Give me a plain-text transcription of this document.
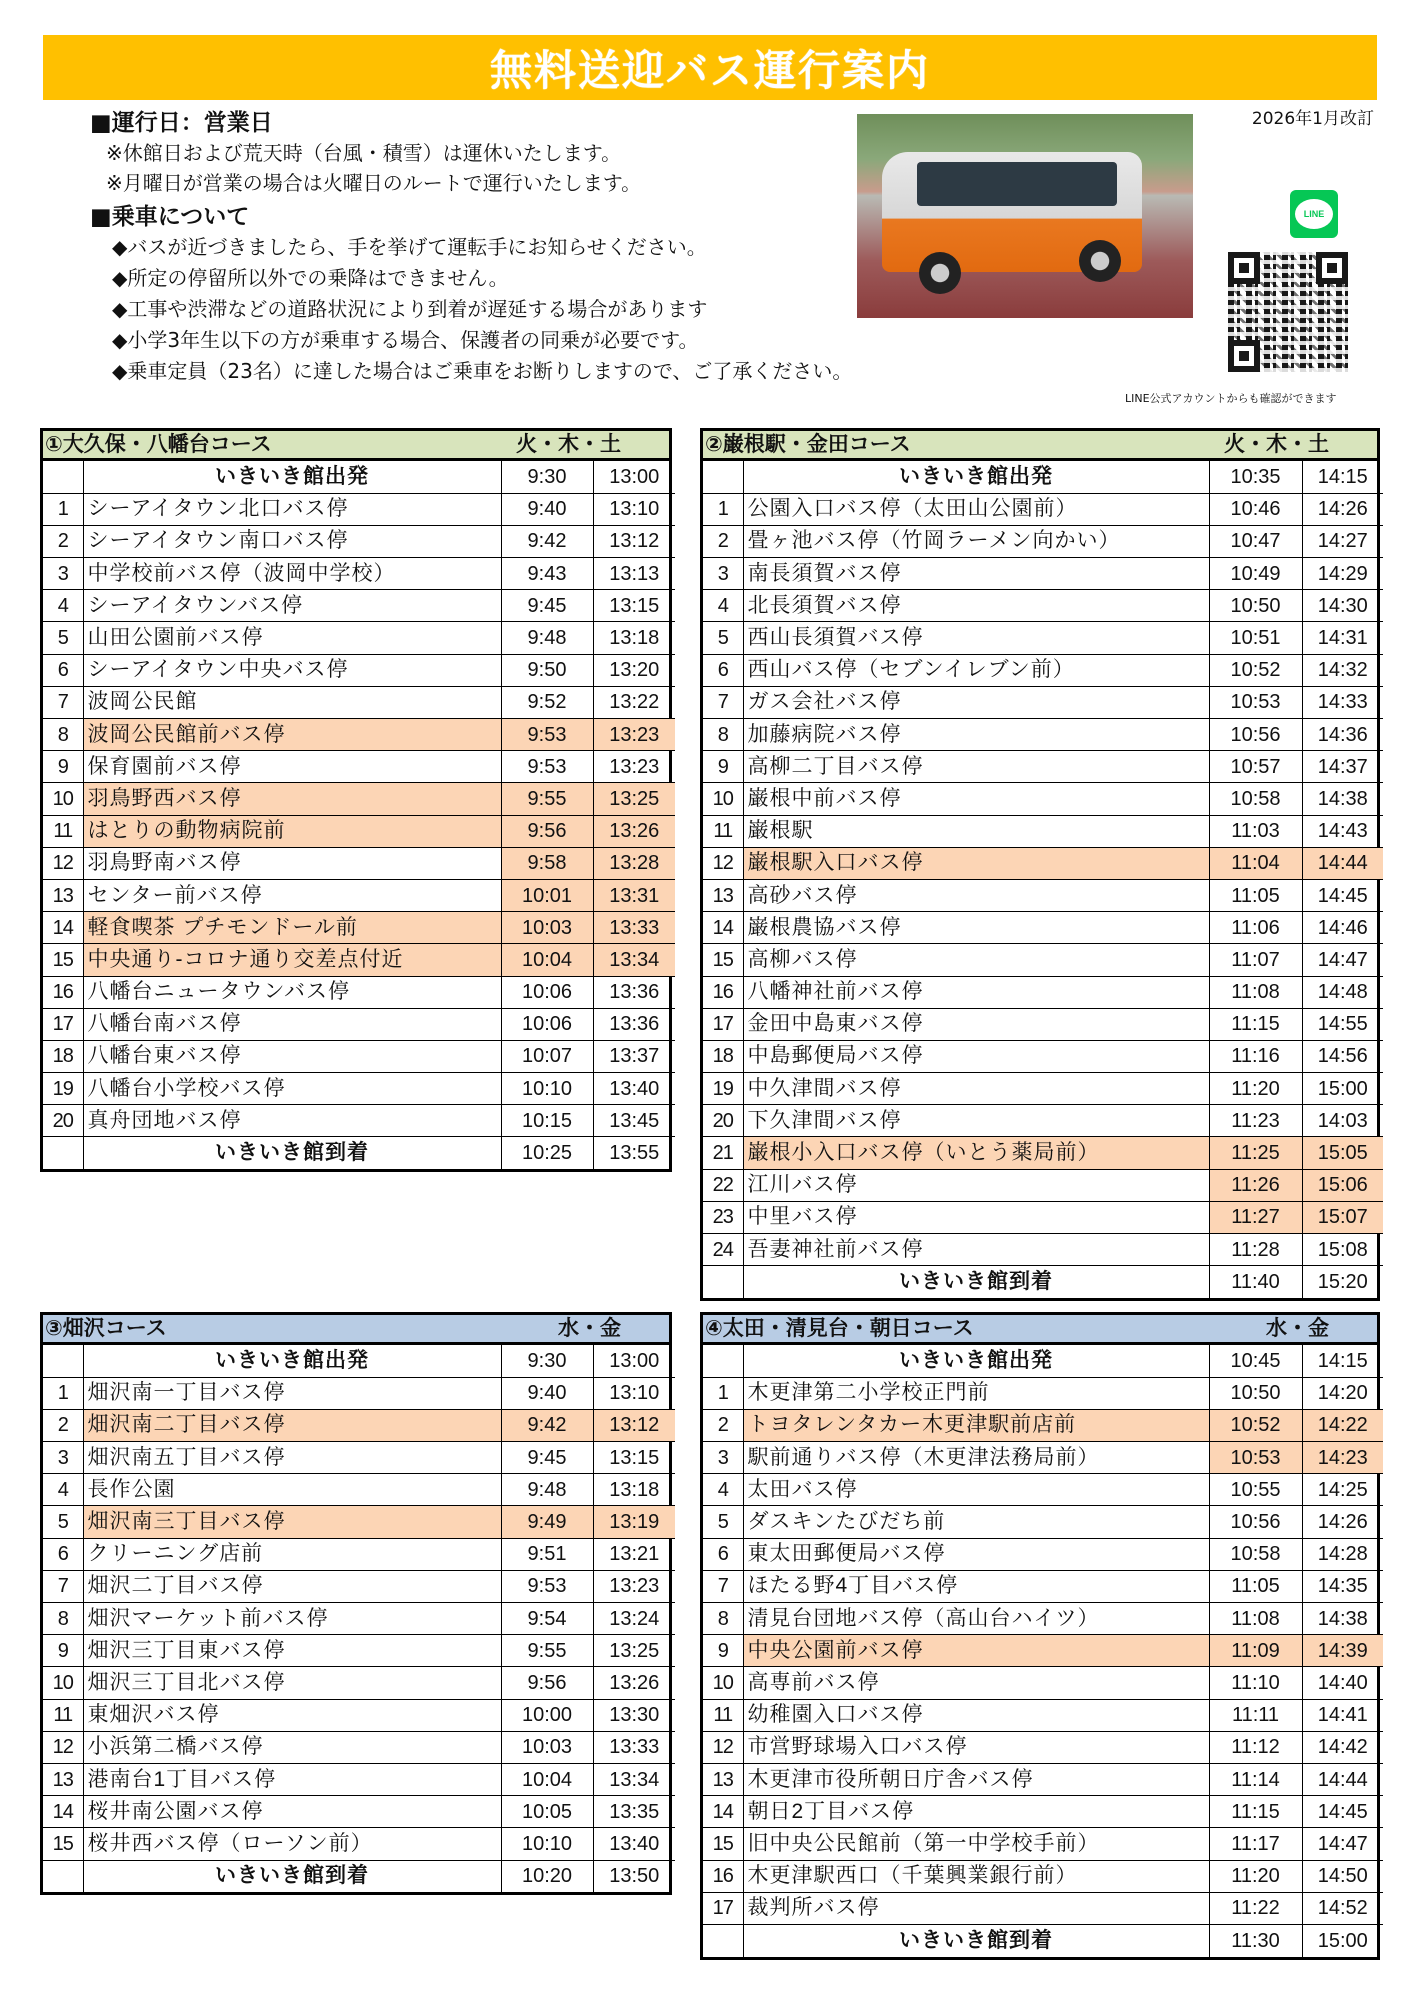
無料送迎バス運行案内
2026年1月改訂
■運行日：営業日
※休館日および荒天時（台風・積雪）は運休いたします。
※月曜日が営業の場合は火曜日のルートで運行いたします。
■乗車について
◆バスが近づきましたら、手を挙げて運転手にお知らせください。
◆所定の停留所以外での乗降はできません。
◆工事や渋滞などの道路状況により到着が遅延する場合があります
◆小学3年生以下の方が乗車する場合、保護者の同乗が必要です。
◆乗車定員（23名）に達した場合はご乗車をお断りしますので、ご了承ください。
LINE
LINE公式アカウントからも確認ができます
①大久保・八幡台コース	火・木・土
	いきいき館出発	9:30	13:00
1	シーアイタウン北口バス停	9:40	13:10
2	シーアイタウン南口バス停	9:42	13:12
3	中学校前バス停（波岡中学校）	9:43	13:13
4	シーアイタウンバス停	9:45	13:15
5	山田公園前バス停	9:48	13:18
6	シーアイタウン中央バス停	9:50	13:20
7	波岡公民館	9:52	13:22
8	波岡公民館前バス停	9:53	13:23
9	保育園前バス停	9:53	13:23
10	羽鳥野西バス停	9:55	13:25
11	はとりの動物病院前	9:56	13:26
12	羽鳥野南バス停	9:58	13:28
13	センター前バス停	10:01	13:31
14	軽食喫茶 プチモンドール前	10:03	13:33
15	中央通り-コロナ通り交差点付近	10:04	13:34
16	八幡台ニュータウンバス停	10:06	13:36
17	八幡台南バス停	10:06	13:36
18	八幡台東バス停	10:07	13:37
19	八幡台小学校バス停	10:10	13:40
20	真舟団地バス停	10:15	13:45
	いきいき館到着	10:25	13:55
②巌根駅・金田コース	火・木・土
	いきいき館出発	10:35	14:15
1	公園入口バス停（太田山公園前）	10:46	14:26
2	畳ヶ池バス停（竹岡ラーメン向かい）	10:47	14:27
3	南長須賀バス停	10:49	14:29
4	北長須賀バス停	10:50	14:30
5	西山長須賀バス停	10:51	14:31
6	西山バス停（セブンイレブン前）	10:52	14:32
7	ガス会社バス停	10:53	14:33
8	加藤病院バス停	10:56	14:36
9	高柳二丁目バス停	10:57	14:37
10	巌根中前バス停	10:58	14:38
11	巌根駅	11:03	14:43
12	巌根駅入口バス停	11:04	14:44
13	高砂バス停	11:05	14:45
14	巌根農協バス停	11:06	14:46
15	高柳バス停	11:07	14:47
16	八幡神社前バス停	11:08	14:48
17	金田中島東バス停	11:15	14:55
18	中島郵便局バス停	11:16	14:56
19	中久津間バス停	11:20	15:00
20	下久津間バス停	11:23	14:03
21	巌根小入口バス停（いとう薬局前）	11:25	15:05
22	江川バス停	11:26	15:06
23	中里バス停	11:27	15:07
24	吾妻神社前バス停	11:28	15:08
	いきいき館到着	11:40	15:20
③畑沢コース	水・金
	いきいき館出発	9:30	13:00
1	畑沢南一丁目バス停	9:40	13:10
2	畑沢南二丁目バス停	9:42	13:12
3	畑沢南五丁目バス停	9:45	13:15
4	長作公園	9:48	13:18
5	畑沢南三丁目バス停	9:49	13:19
6	クリーニング店前	9:51	13:21
7	畑沢二丁目バス停	9:53	13:23
8	畑沢マーケット前バス停	9:54	13:24
9	畑沢三丁目東バス停	9:55	13:25
10	畑沢三丁目北バス停	9:56	13:26
11	東畑沢バス停	10:00	13:30
12	小浜第二橋バス停	10:03	13:33
13	港南台1丁目バス停	10:04	13:34
14	桜井南公園バス停	10:05	13:35
15	桜井西バス停（ローソン前）	10:10	13:40
	いきいき館到着	10:20	13:50
④太田・清見台・朝日コース	水・金
	いきいき館出発	10:45	14:15
1	木更津第二小学校正門前	10:50	14:20
2	トヨタレンタカー木更津駅前店前	10:52	14:22
3	駅前通りバス停（木更津法務局前）	10:53	14:23
4	太田バス停	10:55	14:25
5	ダスキンたびだち前	10:56	14:26
6	東太田郵便局バス停	10:58	14:28
7	ほたる野4丁目バス停	11:05	14:35
8	清見台団地バス停（高山台ハイツ）	11:08	14:38
9	中央公園前バス停	11:09	14:39
10	高専前バス停	11:10	14:40
11	幼稚園入口バス停	11:11	14:41
12	市営野球場入口バス停	11:12	14:42
13	木更津市役所朝日庁舎バス停	11:14	14:44
14	朝日2丁目バス停	11:15	14:45
15	旧中央公民館前（第一中学校手前）	11:17	14:47
16	木更津駅西口（千葉興業銀行前）	11:20	14:50
17	裁判所バス停	11:22	14:52
	いきいき館到着	11:30	15:00
